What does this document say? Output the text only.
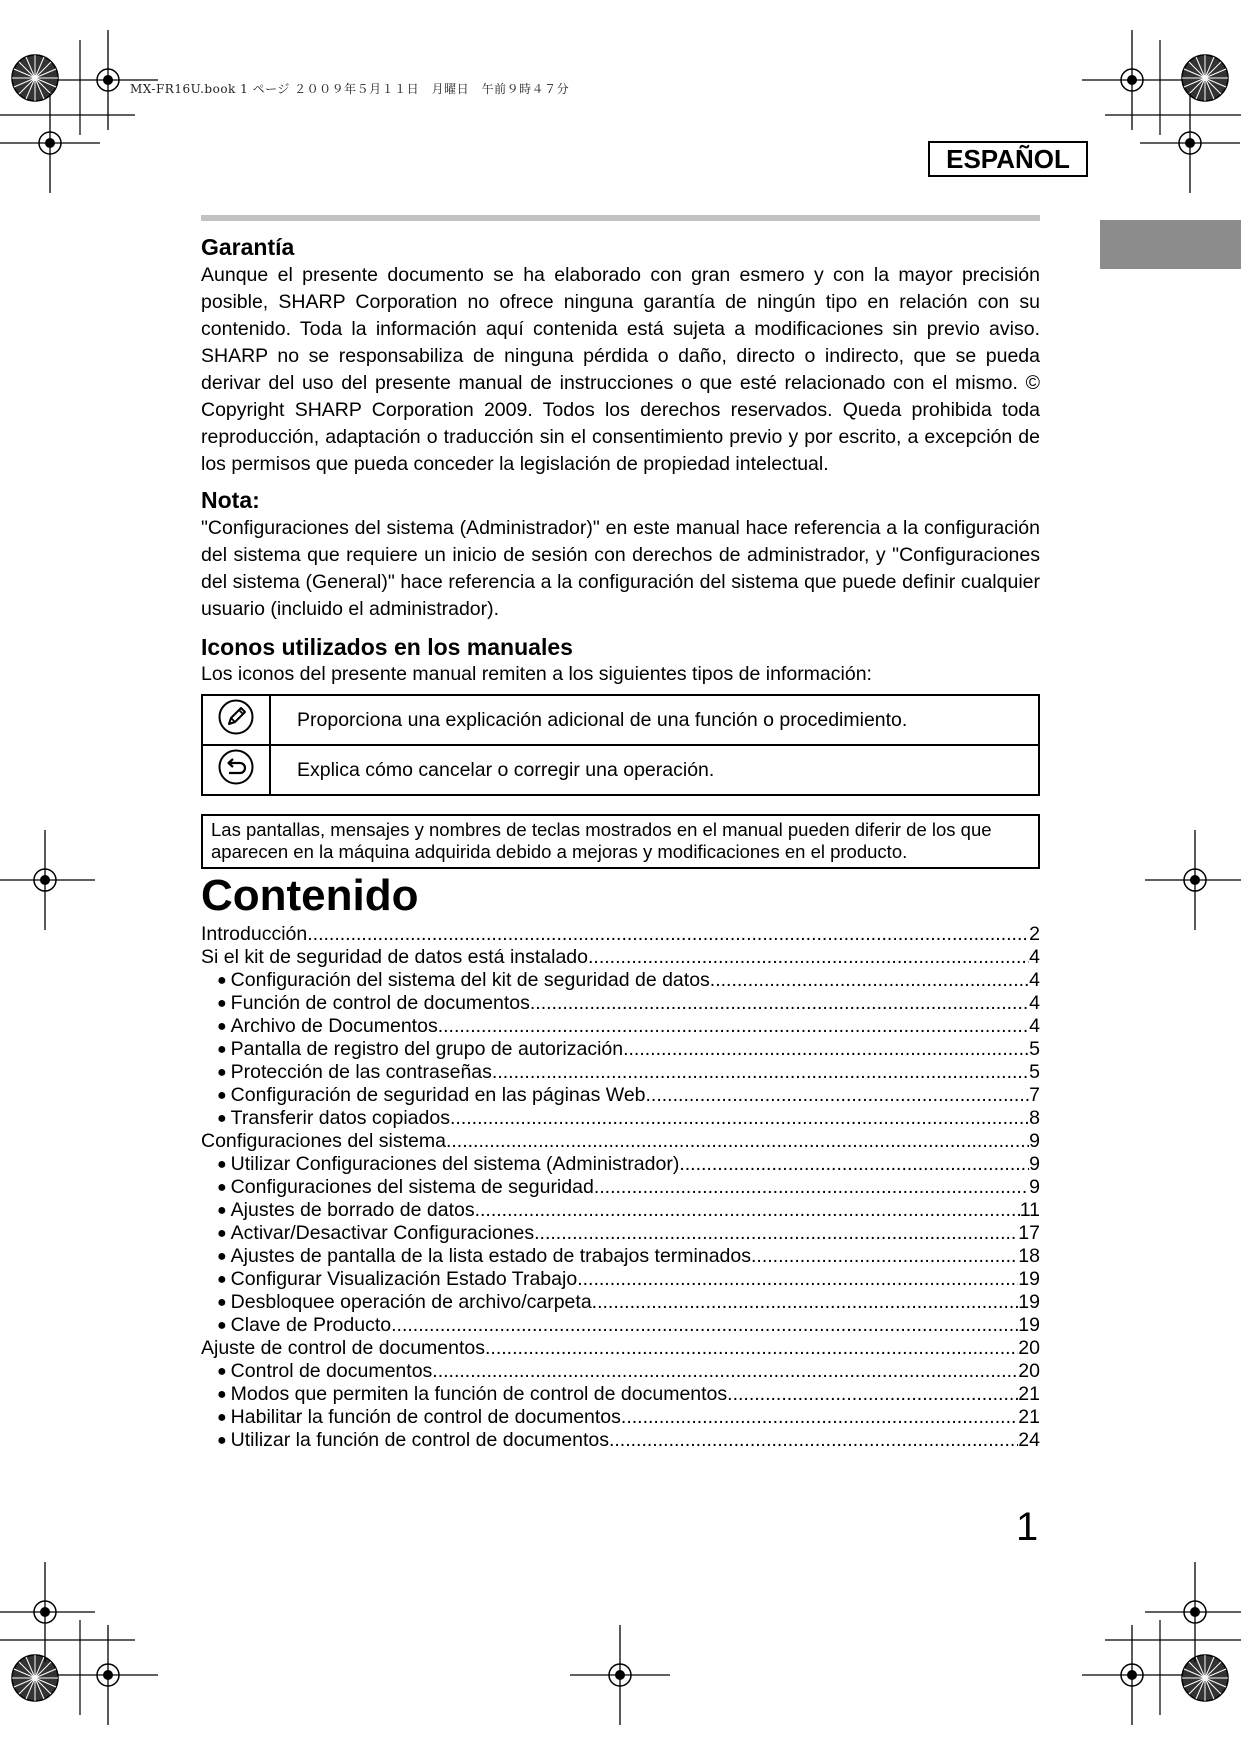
MX-FR16U.book 1 ページ ２００９年５月１１日　月曜日　午前９時４７分
ESPAÑOL
Garantía

Aunque el presente documento se ha elaborado con gran esmero y con la mayor precisión posible, SHARP Corporation no ofrece ninguna garantía de ningún tipo en relación con su contenido. Toda la información aquí contenida está sujeta a modificaciones sin previo aviso. SHARP no se responsabiliza de ninguna pérdida o daño, directo o indirecto, que se pueda derivar del uso del presente manual de instrucciones o que esté relacionado con el mismo. © Copyright SHARP Corporation 2009. Todos los derechos reservados. Queda prohibida toda reproducción, adaptación o traducción sin el consentimiento previo y por escrito, a excepción de los permisos que pueda conceder la legislación de propiedad intelectual.

Nota:

"Configuraciones del sistema (Administrador)" en este manual hace referencia a la configuración del sistema que requiere un inicio de sesión con derechos de administrador, y "Configuraciones del sistema (General)" hace referencia a la configuración del sistema que puede definir cualquier usuario (incluido el administrador).

Iconos utilizados en los manuales

Los iconos del presente manual remiten a los siguientes tipos de información:

	Proporciona una explicación adicional de una función o procedimiento.
	Explica cómo cancelar o corregir una operación.
Las pantallas, mensajes y nombres de teclas mostrados en el manual pueden diferir de los que aparecen en la máquina adquirida debido a mejoras y modificaciones en el producto.
Contenido
Introducción .....	2
Si el kit de seguridad de datos está instalado .....	4
● Configuración del sistema del kit de seguridad de datos .....	4
● Función de control de documentos .....	4
● Archivo de Documentos .....	4
● Pantalla de registro del grupo de autorización .....	5
● Protección de las contraseñas .....	5
● Configuración de seguridad en las páginas Web .....	7
● Transferir datos copiados .....	8
Configuraciones del sistema .....	9
● Utilizar Configuraciones del sistema (Administrador) .....	9
● Configuraciones del sistema de seguridad .....	9
● Ajustes de borrado de datos .....	11
● Activar/Desactivar Configuraciones .....	17
● Ajustes de pantalla de la lista estado de trabajos terminados .....	18
● Configurar Visualización Estado Trabajo .....	19
● Desbloquee operación de archivo/carpeta .....	19
● Clave de Producto .....	19
Ajuste de control de documentos .....	20
● Control de documentos .....	20
● Modos que permiten la función de control de documentos .....	21
● Habilitar la función de control de documentos .....	21
● Utilizar la función de control de documentos .....	24
1
